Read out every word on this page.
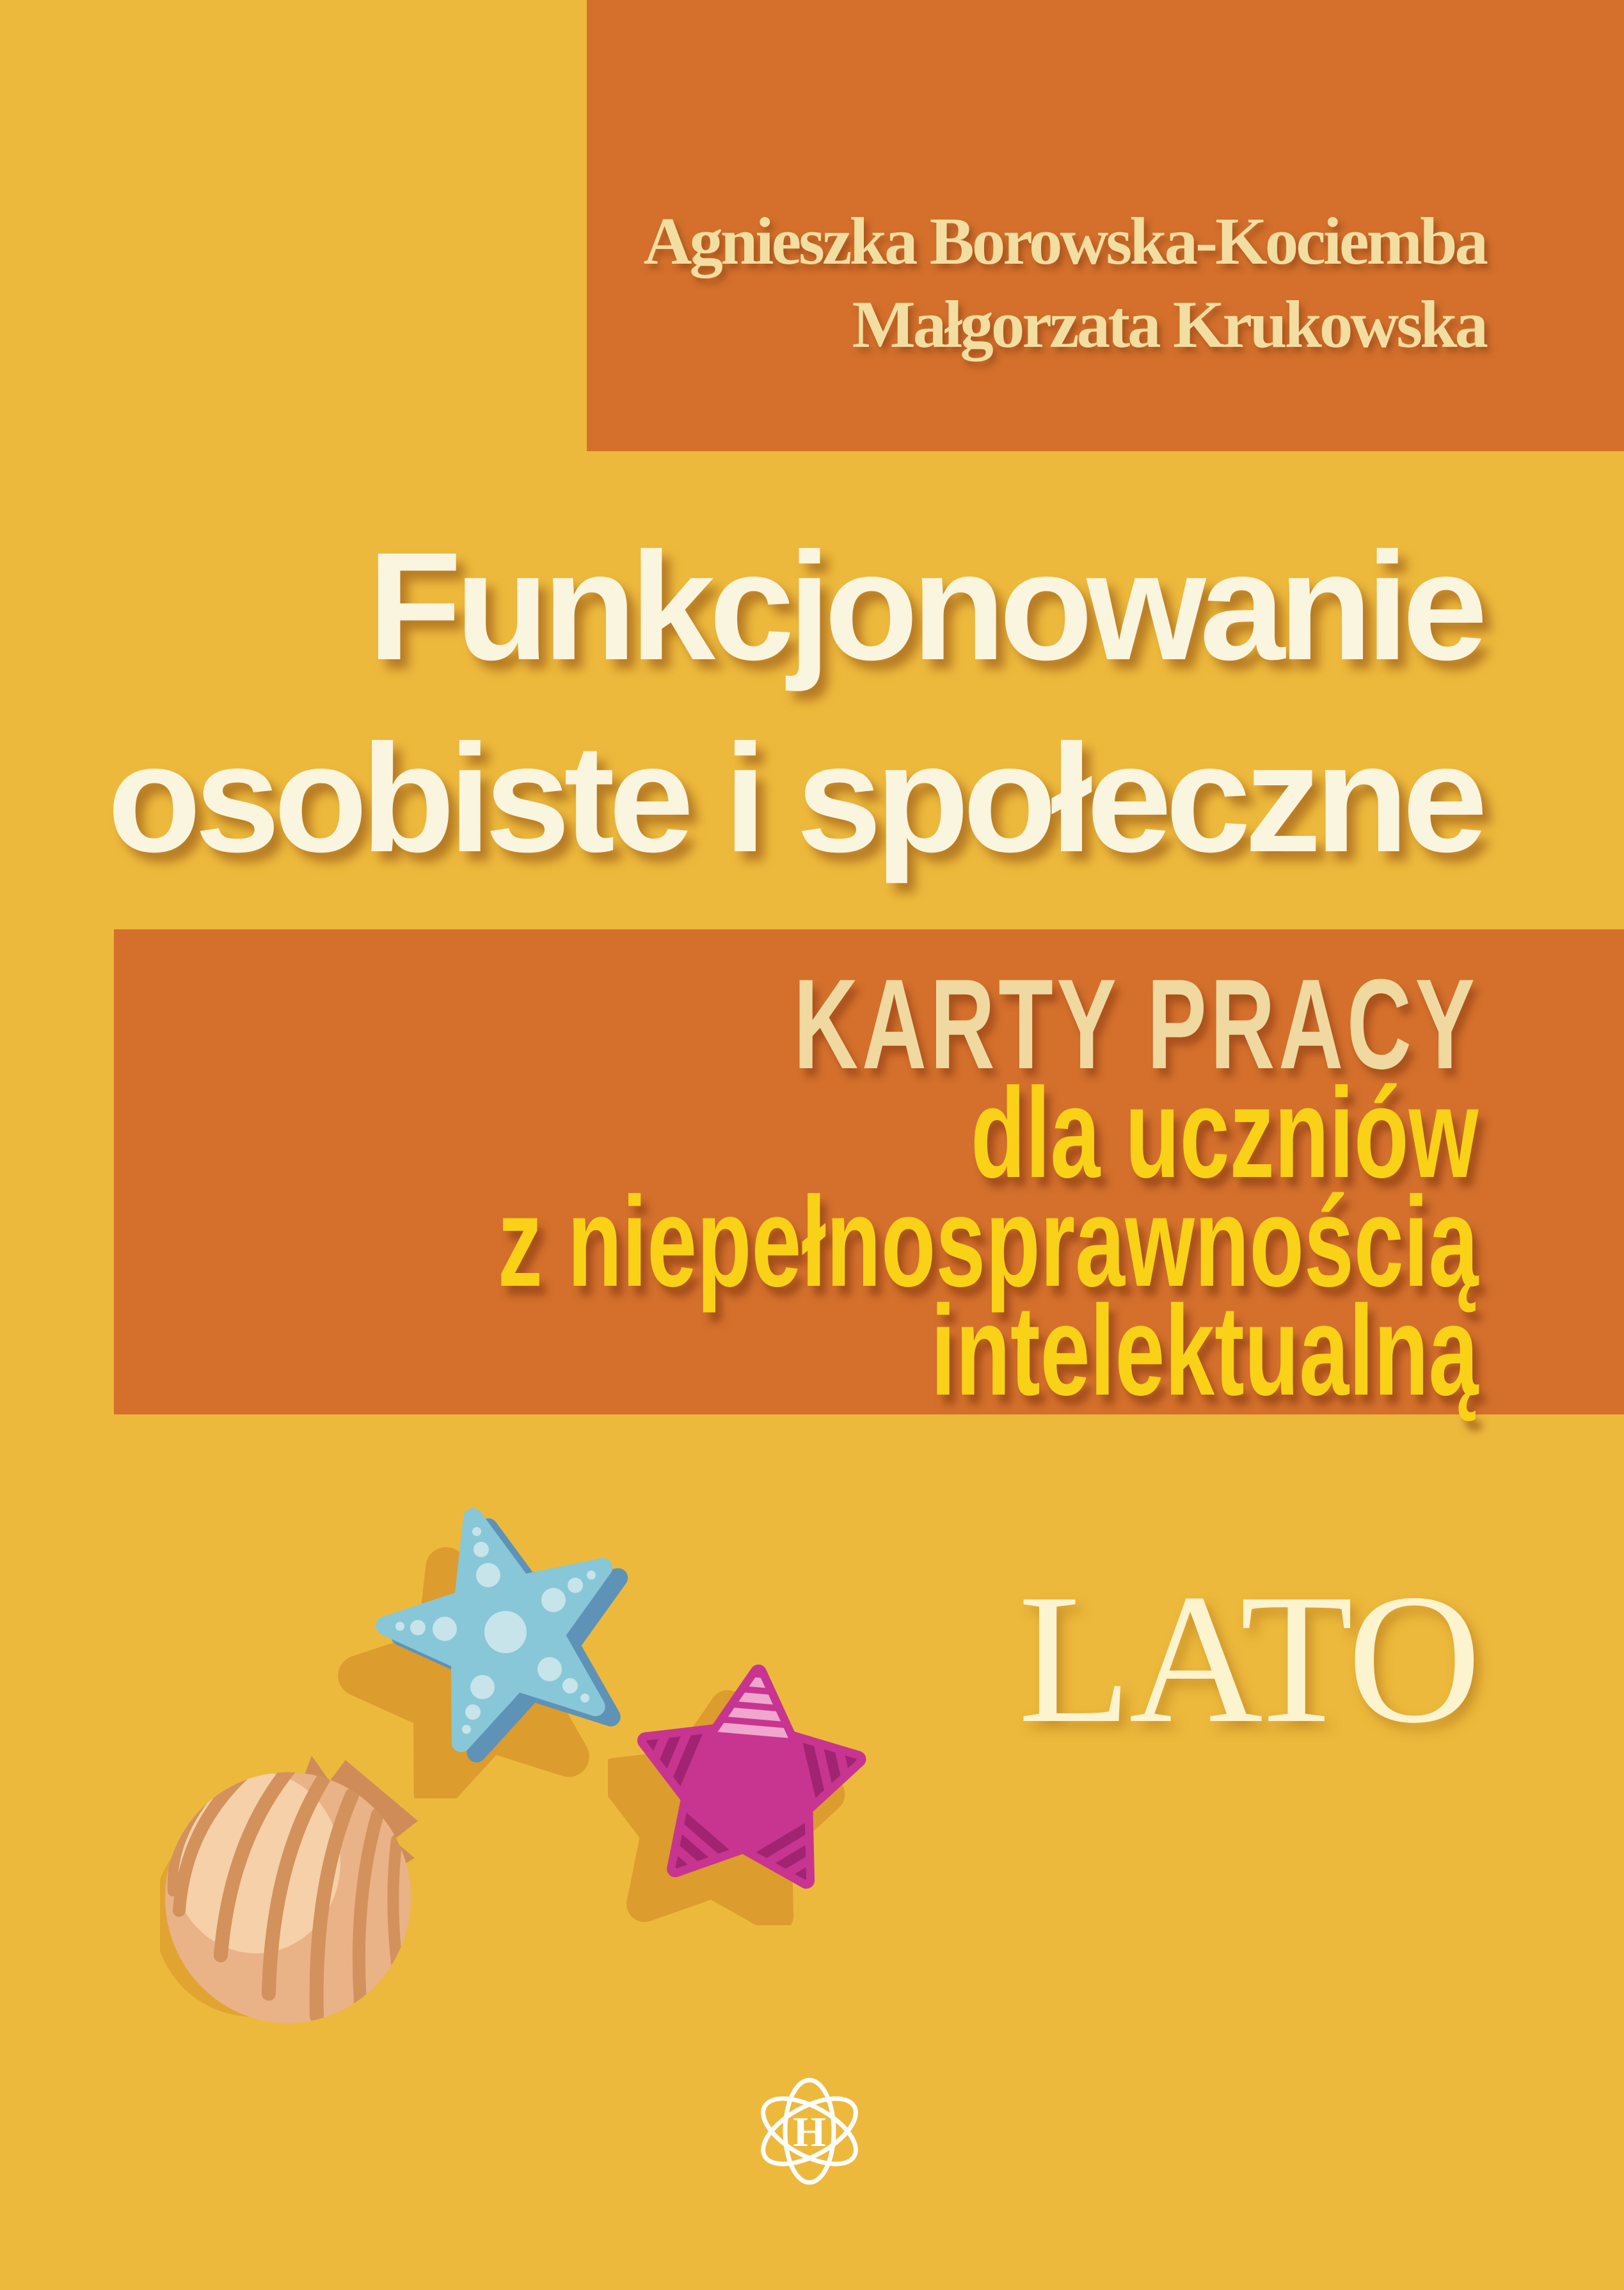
Agnieszka Borowska-Kociemba
Małgorzata Krukowska
Funkcjonowanie
osobiste i społeczne
KARTY PRACY
dla uczniów
z niepełnosprawnością
intelektualną
LATO
H
